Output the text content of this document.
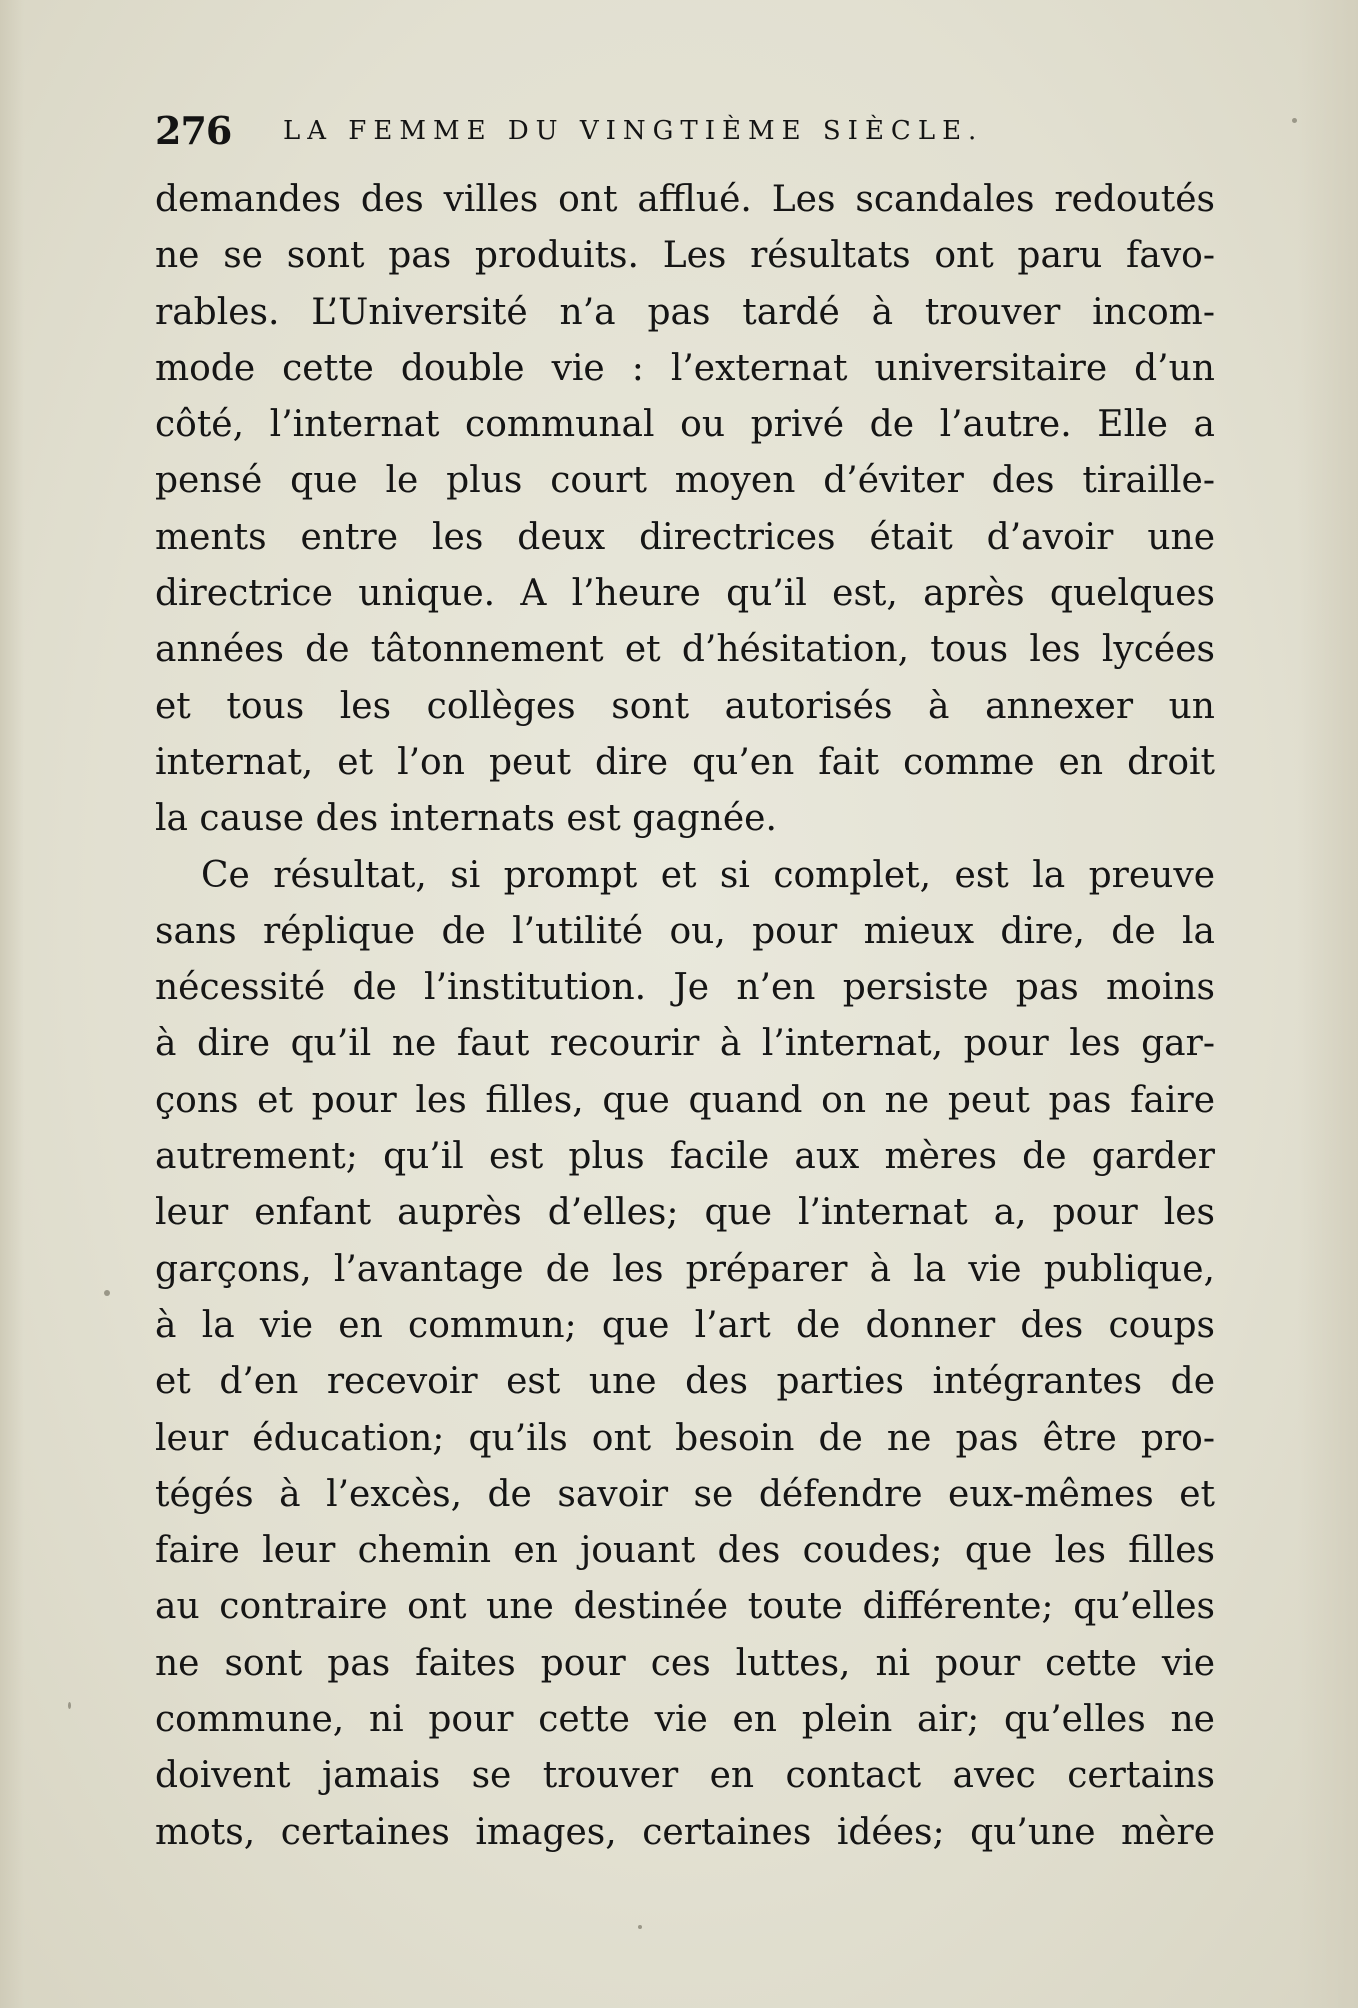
276 LA FEMME DU VINGTIÈME SIÈCLE.
demandes des villes ont afflué. Les scandales redoutés
ne se sont pas produits. Les résultats ont paru favo-
rables. L’Université n’a pas tardé à trouver incom-
mode cette double vie : l’externat universitaire d’un
côté, l’internat communal ou privé de l’autre. Elle a
pensé que le plus court moyen d’éviter des tiraille-
ments entre les deux directrices était d’avoir une
directrice unique. A l’heure qu’il est, après quelques
années de tâtonnement et d’hésitation, tous les lycées
et tous les collèges sont autorisés à annexer un
internat, et l’on peut dire qu’en fait comme en droit
la cause des internats est gagnée.
Ce résultat, si prompt et si complet, est la preuve
sans réplique de l’utilité ou, pour mieux dire, de la
nécessité de l’institution. Je n’en persiste pas moins
à dire qu’il ne faut recourir à l’internat, pour les gar-
çons et pour les filles, que quand on ne peut pas faire
autrement; qu’il est plus facile aux mères de garder
leur enfant auprès d’elles; que l’internat a, pour les
garçons, l’avantage de les préparer à la vie publique,
à la vie en commun; que l’art de donner des coups
et d’en recevoir est une des parties intégrantes de
leur éducation; qu’ils ont besoin de ne pas être pro-
tégés à l’excès, de savoir se défendre eux-mêmes et
faire leur chemin en jouant des coudes; que les filles
au contraire ont une destinée toute différente; qu’elles
ne sont pas faites pour ces luttes, ni pour cette vie
commune, ni pour cette vie en plein air; qu’elles ne
doivent jamais se trouver en contact avec certains
mots, certaines images, certaines idées; qu’une mère
